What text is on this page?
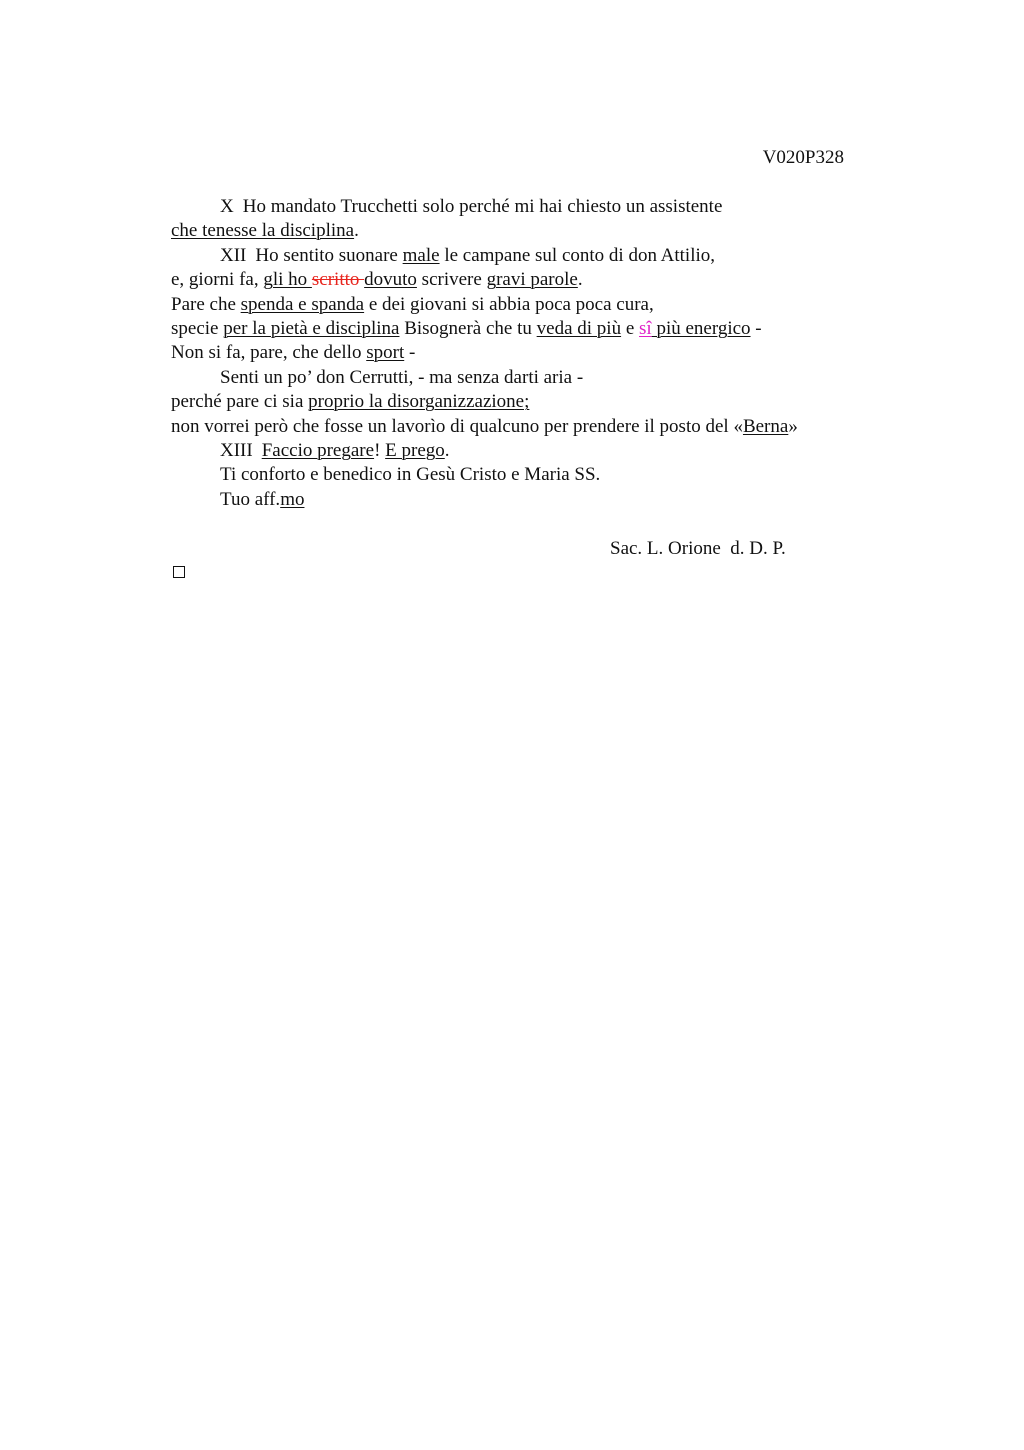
V020P328
X Ho mandato Trucchetti solo perché mi hai chiesto un assistente
che tenesse la disciplina.
XII Ho sentito suonare male le campane sul conto di don Attilio,
e, giorni fa, gli ho scritto dovuto scrivere gravi parole.
Pare che spenda e spanda e dei giovani si abbia poca poca cura,
specie per la pietà e disciplina Bisognerà che tu veda di più e sî più energico -
Non si fa, pare, che dello sport -
Senti un po’ don Cerrutti, - ma senza darti aria -
perché pare ci sia proprio la disorganizzazione;
non vorrei però che fosse un lavorìo di qualcuno per prendere il posto del «Berna»
XIII Faccio pregare! E prego.
Ti conforto e benedico in Gesù Cristo e Maria SS.
Tuo aff.mo
Sac. L. Orione  d. D. P.
